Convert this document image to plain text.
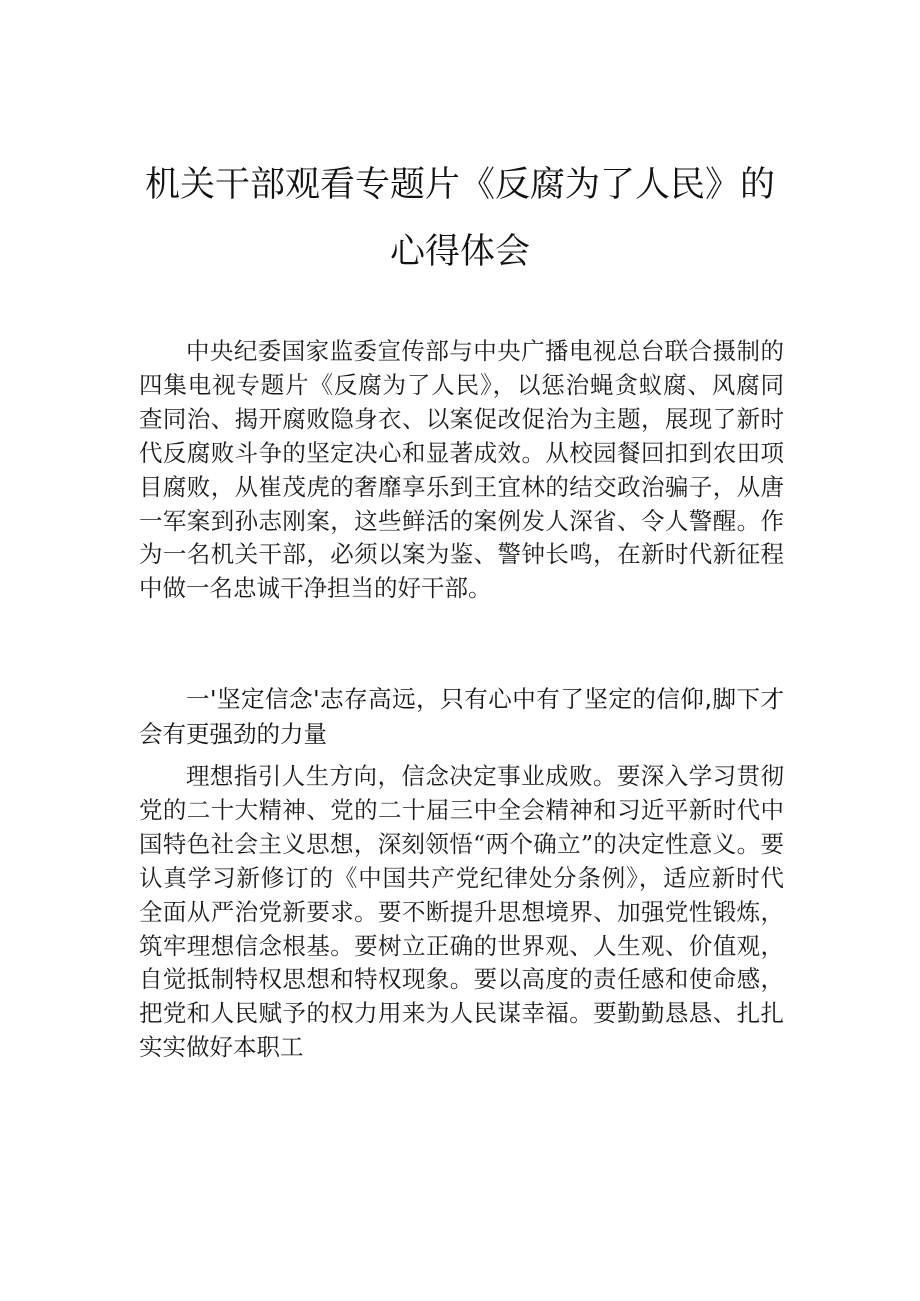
机关干部观看专题片《反腐为了人民》的
心得体会

中央纪委国家监委宣传部与中央广播电视总台联合摄制的四集电视专题片《反腐为了人民》，以惩治蝇贪蚁腐、风腐同查同治、揭开腐败隐身衣、以案促改促治为主题，展现了新时代反腐败斗争的坚定决心和显著成效。从校园餐回扣到农田项目腐败，从崔茂虎的奢靡享乐到王宜林的结交政治骗子，从唐一军案到孙志刚案，这些鲜活的案例发人深省、令人警醒。作为一名机关干部，必须以案为鉴、警钟长鸣，在新时代新征程中做一名忠诚干净担当的好干部。

一'坚定信念'志存高远，只有心中有了坚定的信仰,脚下才会有更强劲的力量

理想指引人生方向，信念决定事业成败。要深入学习贯彻党的二十大精神、党的二十届三中全会精神和习近平新时代中国特色社会主义思想，深刻领悟“两个确立”的决定性意义。要认真学习新修订的《中国共产党纪律处分条例》，适应新时代全面从严治党新要求。要不断提升思想境界、加强党性锻炼，筑牢理想信念根基。要树立正确的世界观、人生观、价值观，自觉抵制特权思想和特权现象。要以高度的责任感和使命感，把党和人民赋予的权力用来为人民谋幸福。要勤勤恳恳、扎扎实实做好本职工
